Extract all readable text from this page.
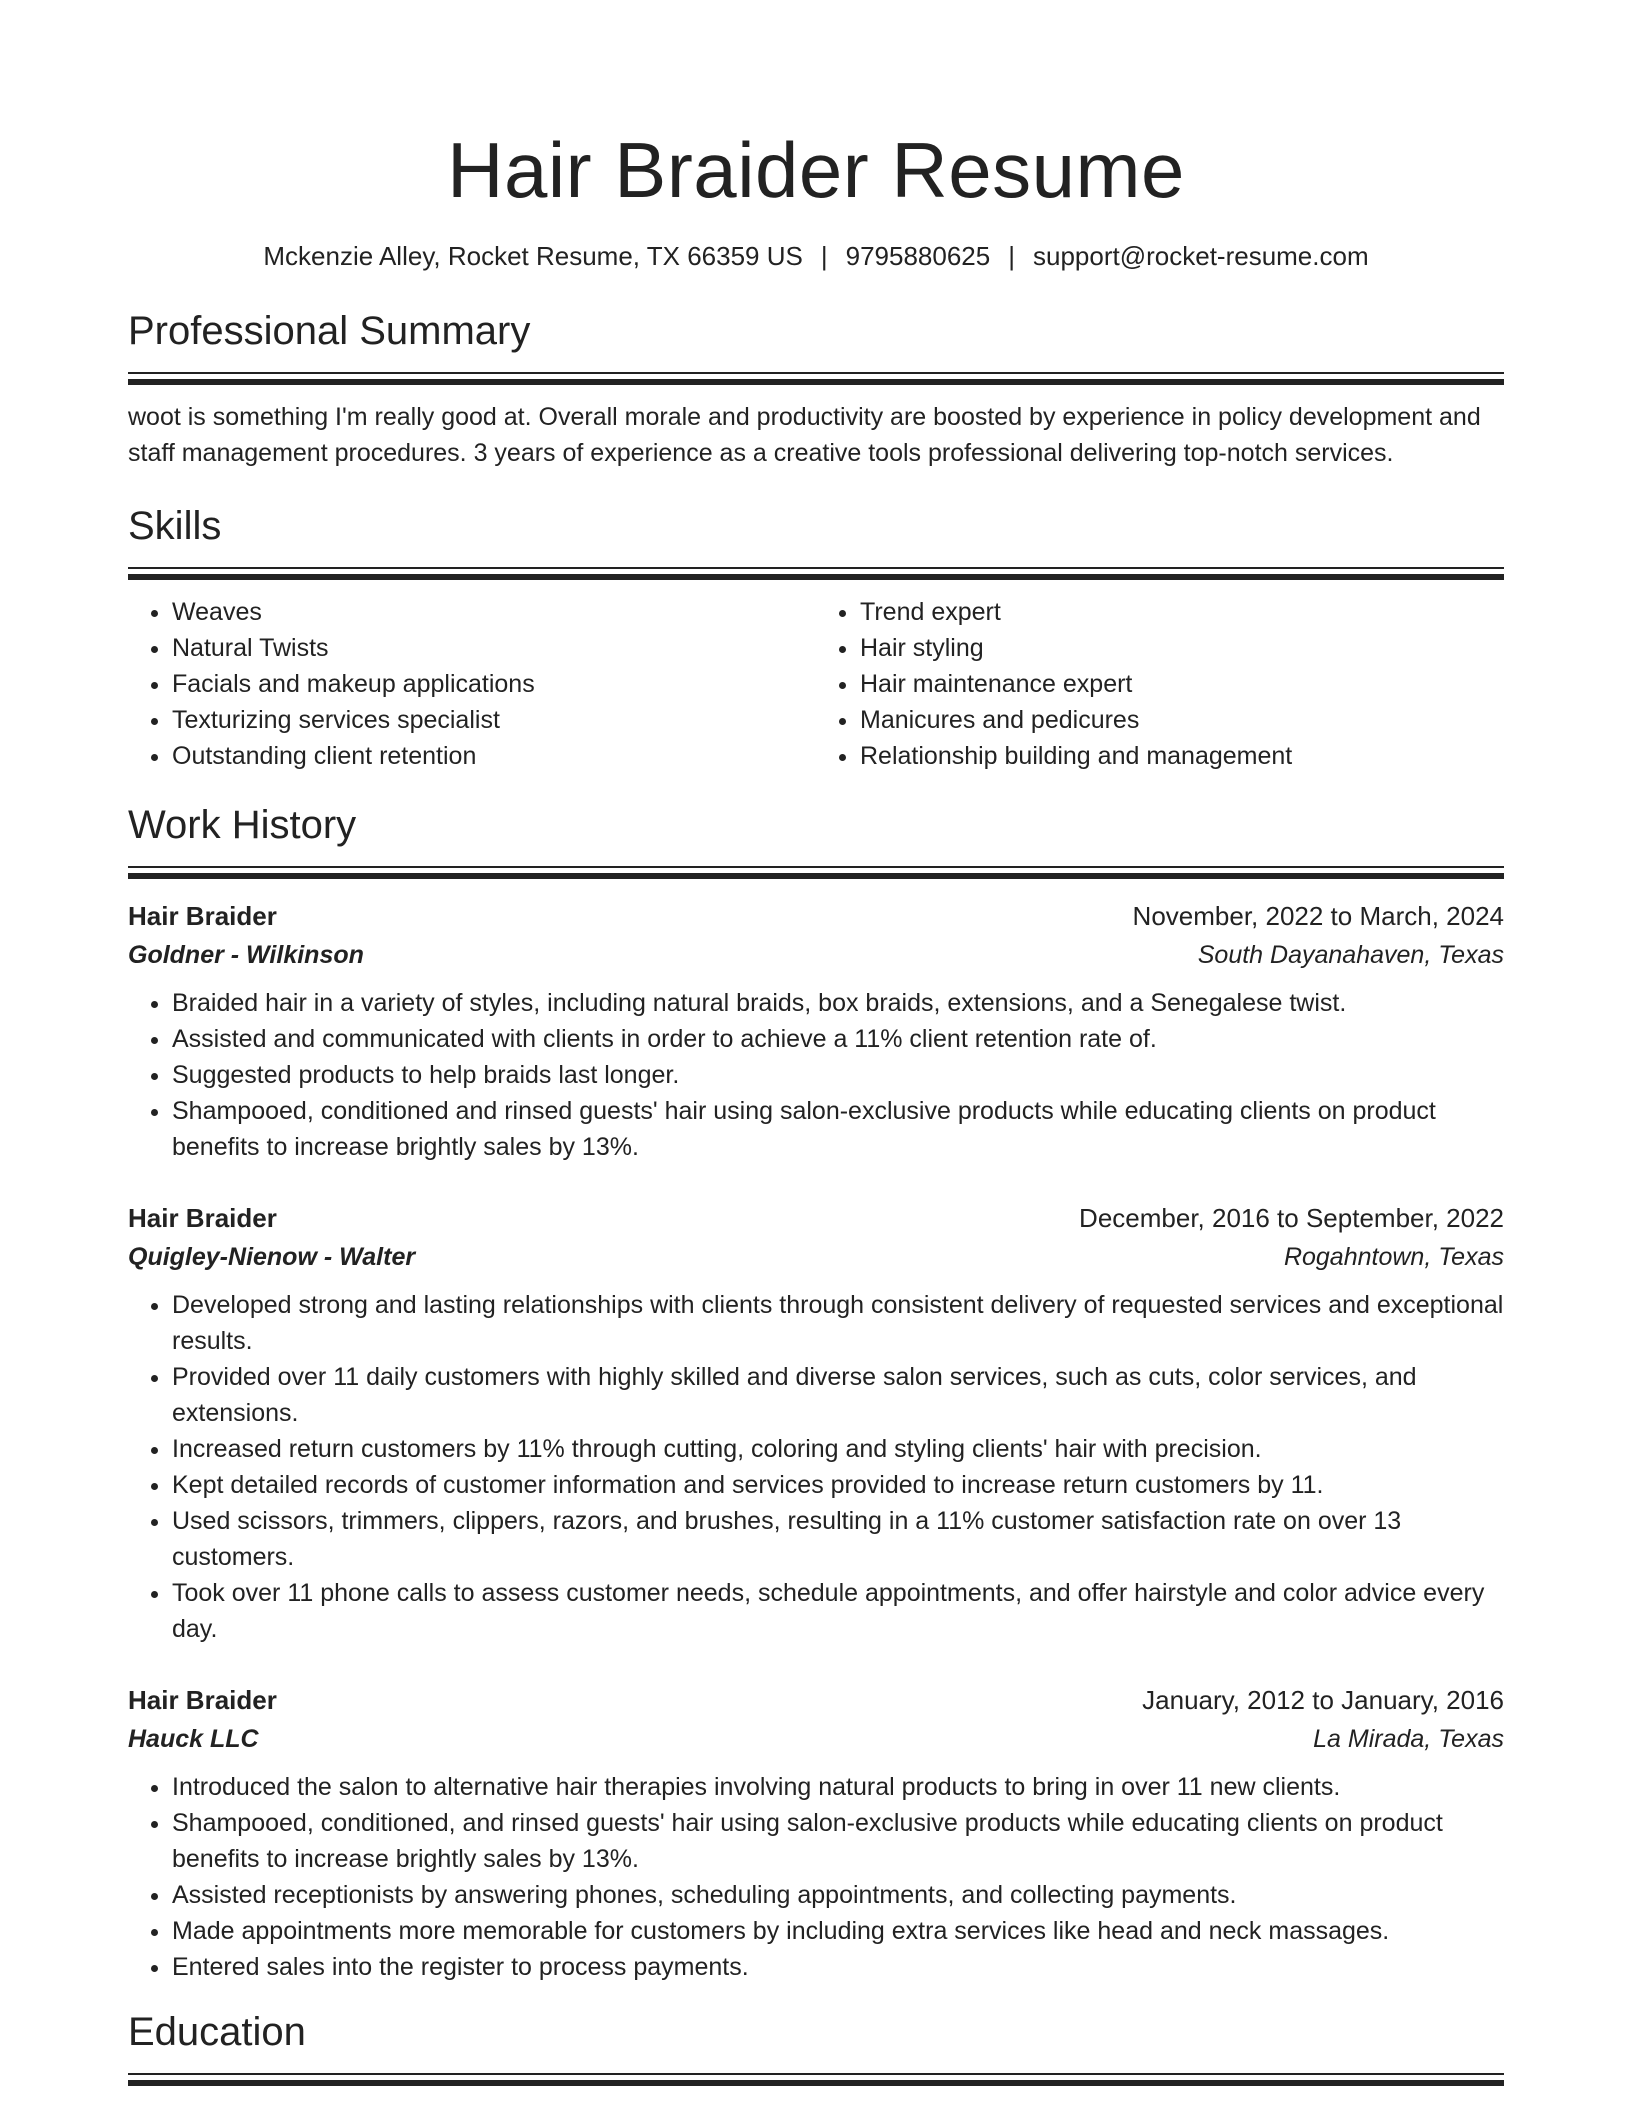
Hair Braider Resume
Mckenzie Alley, Rocket Resume, TX 66359 US | 9795880625 | support@rocket-resume.com
Professional Summary

woot is something I'm really good at. Overall morale and productivity are boosted by experience in policy development and staff management procedures. 3 years of experience as a creative tools professional delivering top-notch services.

Skills
• Weaves
• Natural Twists
• Facials and makeup applications
• Texturizing services specialist
• Outstanding client retention
• Trend expert
• Hair styling
• Hair maintenance expert
• Manicures and pedicures
• Relationship building and management
Work History
Hair Braider	November, 2022 to March, 2024
Goldner - Wilkinson	South Dayanahaven, Texas
• Braided hair in a variety of styles, including natural braids, box braids, extensions, and a Senegalese twist.
• Assisted and communicated with clients in order to achieve a 11% client retention rate of.
• Suggested products to help braids last longer.
• Shampooed, conditioned and rinsed guests' hair using salon-exclusive products while educating clients on product benefits to increase brightly sales by 13%.
Hair Braider	December, 2016 to September, 2022
Quigley-Nienow - Walter	Rogahntown, Texas
• Developed strong and lasting relationships with clients through consistent delivery of requested services and exceptional results.
• Provided over 11 daily customers with highly skilled and diverse salon services, such as cuts, color services, and extensions.
• Increased return customers by 11% through cutting, coloring and styling clients' hair with precision.
• Kept detailed records of customer information and services provided to increase return customers by 11.
• Used scissors, trimmers, clippers, razors, and brushes, resulting in a 11% customer satisfaction rate on over 13 customers.
• Took over 11 phone calls to assess customer needs, schedule appointments, and offer hairstyle and color advice every day.
Hair Braider	January, 2012 to January, 2016
Hauck LLC	La Mirada, Texas
• Introduced the salon to alternative hair therapies involving natural products to bring in over 11 new clients.
• Shampooed, conditioned, and rinsed guests' hair using salon-exclusive products while educating clients on product benefits to increase brightly sales by 13%.
• Assisted receptionists by answering phones, scheduling appointments, and collecting payments.
• Made appointments more memorable for customers by including extra services like head and neck massages.
• Entered sales into the register to process payments.
Education
